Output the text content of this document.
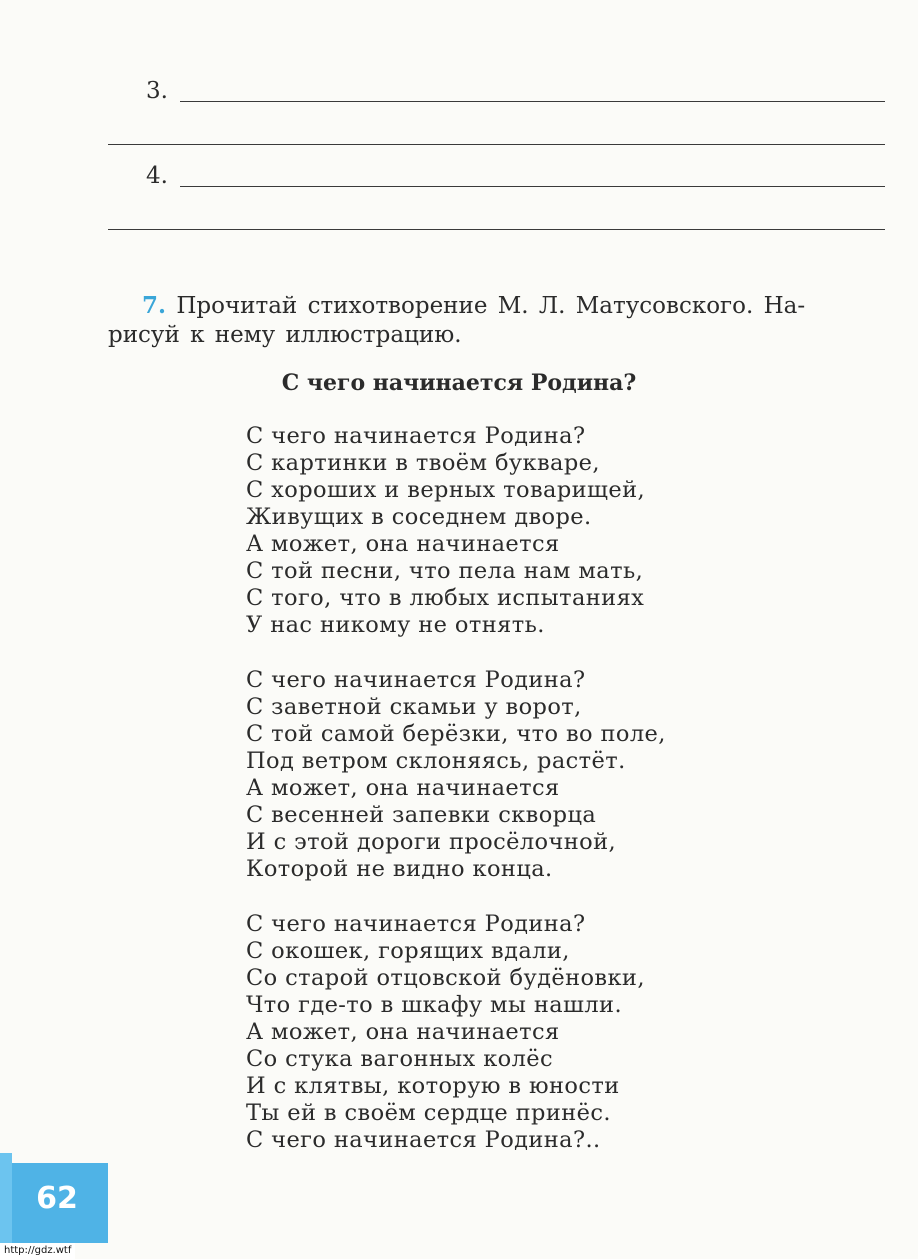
3.
4.
7. Прочитай стихотворение М. Л. Матусовского. На-
рисуй к нему иллюстрацию.
С чего начинается Родина?
С чего начинается Родина?
С картинки в твоём букваре,
С хороших и верных товарищей,
Живущих в соседнем дворе.
А может, она начинается
С той песни, что пела нам мать,
С того, что в любых испытаниях
У нас никому не отнять.
С чего начинается Родина?
С заветной скамьи у ворот,
С той самой берёзки, что во поле,
Под ветром склоняясь, растёт.
А может, она начинается
С весенней запевки скворца
И с этой дороги просёлочной,
Которой не видно конца.
С чего начинается Родина?
С окошек, горящих вдали,
Со старой отцовской будёновки,
Что где-то в шкафу мы нашли.
А может, она начинается
Со стука вагонных колёс
И с клятвы, которую в юности
Ты ей в своём сердце принёс.
С чего начинается Родина?..
62
http://gdz.wtf
